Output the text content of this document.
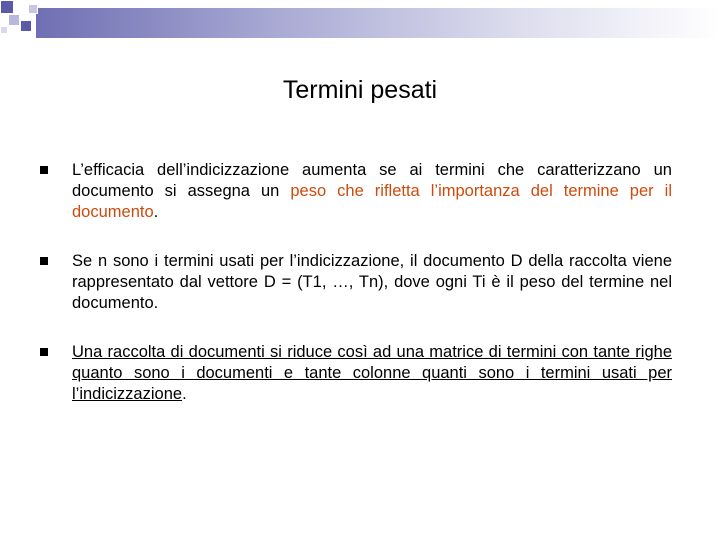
Termini pesati
L’efficacia dell’indicizzazione aumenta se ai termini che caratterizzano un documento si assegna un peso che rifletta l’importanza del termine per il documento.
Se n sono i termini usati per l’indicizzazione, il documento D della raccolta viene rappresentato dal vettore D = (T1, …, Tn), dove ogni Ti è il peso del termine nel documento.
Una raccolta di documenti si riduce così ad una matrice di termini con tante righe quanto sono i documenti e tante colonne quanti sono i termini usati per l’indicizzazione.
